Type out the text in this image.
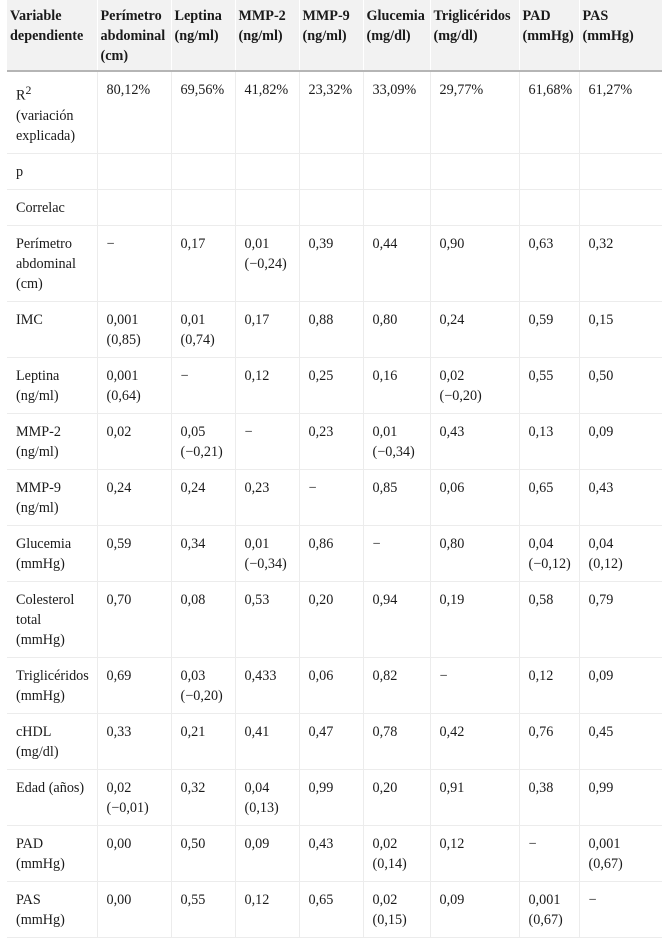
Variable
dependiente	Perímetro
abdominal
(cm)	Leptina
(ng/ml)	MMP-2
(ng/ml)	MMP-9
(ng/ml)	Glucemia
(mg/dl)	Triglicéridos
(mg/dl)	PAD
(mmHg)	PAS
(mmHg)

$R^2$
(variación
explicada)	80,12%	69,56%	41,82%	23,32%	33,09%	29,77%	61,68%	61,27%

p								

Correlac								

Perímetro
abdominal
(cm)	−	0,17	0,01
(−0,24)	0,39	0,44	0,90	0,63	0,32

IMC	0,001
(0,85)	0,01
(0,74)	0,17	0,88	0,80	0,24	0,59	0,15

Leptina
(ng/ml)	0,001
(0,64)	−	0,12	0,25	0,16	0,02
(−0,20)	0,55	0,50

MMP-2
(ng/ml)	0,02	0,05
(−0,21)	−	0,23	0,01
(−0,34)	0,43	0,13	0,09

MMP-9
(ng/ml)	0,24	0,24	0,23	−	0,85	0,06	0,65	0,43

Glucemia
(mmHg)	0,59	0,34	0,01
(−0,34)	0,86	−	0,80	0,04
(−0,12)	0,04
(0,12)

Colesterol
total
(mmHg)	0,70	0,08	0,53	0,20	0,94	0,19	0,58	0,79

Triglicéridos
(mmHg)	0,69	0,03
(−0,20)	0,433	0,06	0,82	−	0,12	0,09

cHDL
(mg/dl)	0,33	0,21	0,41	0,47	0,78	0,42	0,76	0,45

Edad (años)	0,02
(−0,01)	0,32	0,04
(0,13)	0,99	0,20	0,91	0,38	0,99

PAD
(mmHg)	0,00	0,50	0,09	0,43	0,02
(0,14)	0,12	−	0,001
(0,67)

PAS
(mmHg)	0,00	0,55	0,12	0,65	0,02
(0,15)	0,09	0,001
(0,67)	−
